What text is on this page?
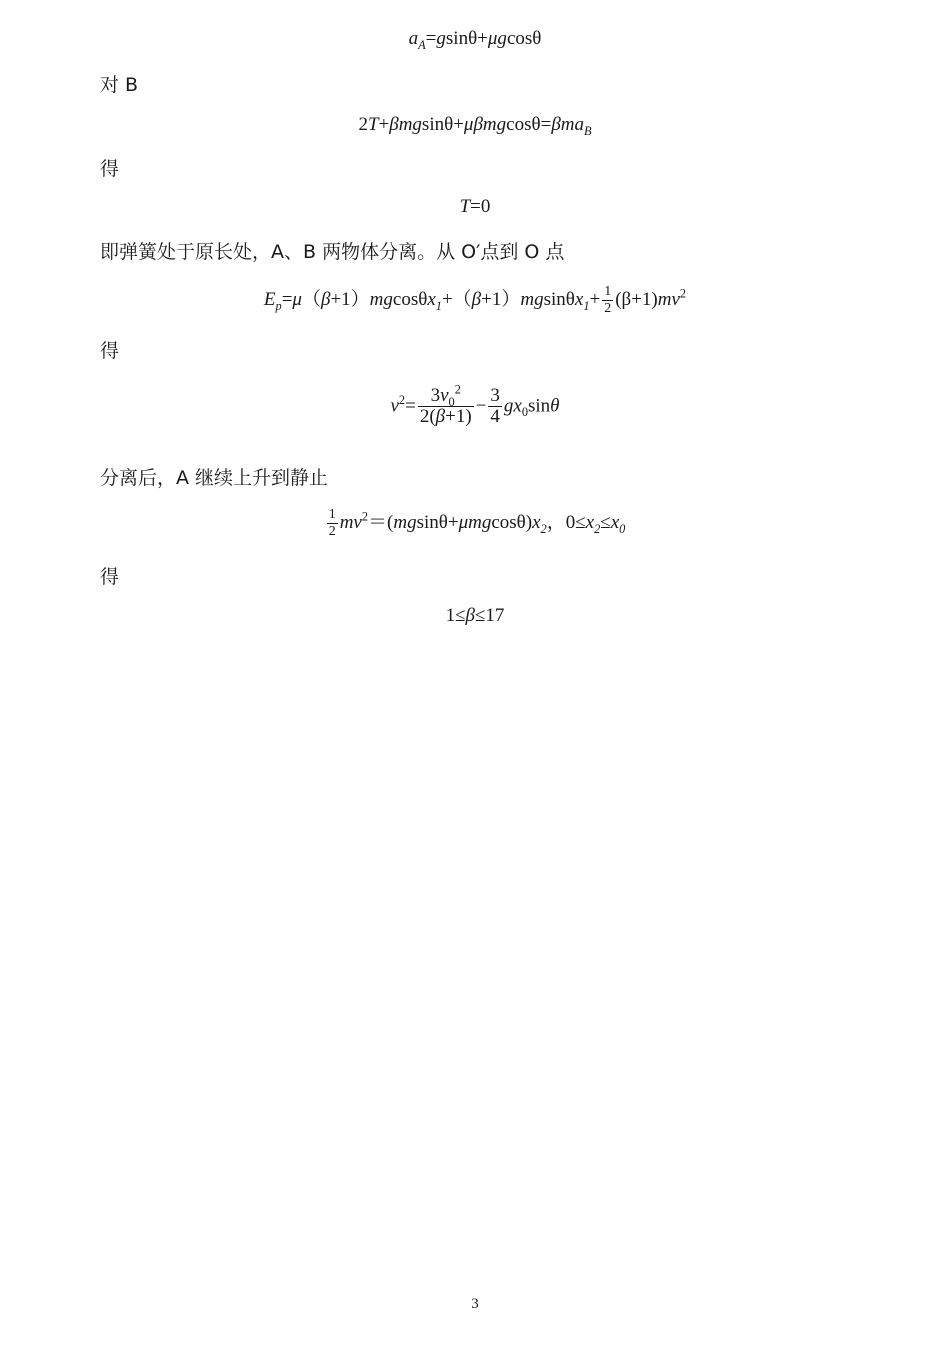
$a_A=gsin\theta+\mu gcos\theta$
对 B
2T+βmgsinθ+μβmgcosθ=βma$_B$
得
T=0
即弹簧处于原长处，A、B 两物体分离。从 O′点到 O 点
$E_p=\mu(\beta+1)mgcos\theta x_1+(\beta+1)mgsin\theta x_1+ \frac{1}{2} (\beta+1)mv^2$
得
$v^2= \frac{3v_0^2}{2(\beta+1)} - \frac{3}{4} gx_0\sin\theta$
分离后，A 继续上升到静止
$\frac{1}{2} mv^2=(mgsin\theta+\mu mgcos\theta)x_2$，$0\le x_2\le x_0$
得
1≤β≤17
3
